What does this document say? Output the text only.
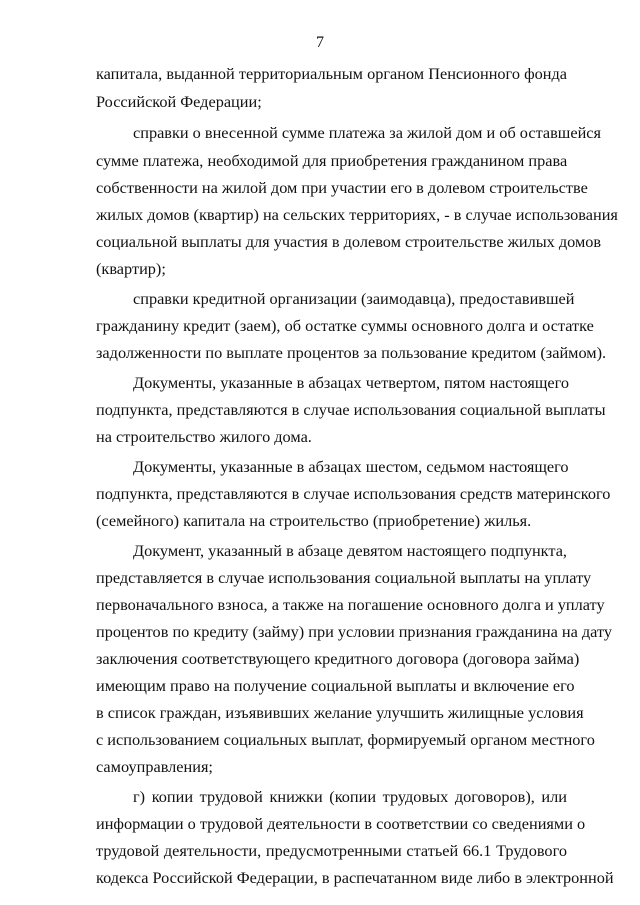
7
капитала, выданной территориальным органом Пенсионного фонда
Российской Федерации;
справки о внесенной сумме платежа за жилой дом и об оставшейся
сумме платежа, необходимой для приобретения гражданином права
собственности на жилой дом при участии его в долевом строительстве
жилых домов (квартир) на сельских территориях, - в случае использования
социальной выплаты для участия в долевом строительстве жилых домов
(квартир);
справки кредитной организации (заимодавца), предоставившей
гражданину кредит (заем), об остатке суммы основного долга и остатке
задолженности по выплате процентов за пользование кредитом (займом).
Документы, указанные в абзацах четвертом, пятом настоящего
подпункта, представляются в случае использования социальной выплаты
на строительство жилого дома.
Документы, указанные в абзацах шестом, седьмом настоящего
подпункта, представляются в случае использования средств материнского
(семейного) капитала на строительство (приобретение) жилья.
Документ, указанный в абзаце девятом настоящего подпункта,
представляется в случае использования социальной выплаты на уплату
первоначального взноса, а также на погашение основного долга и уплату
процентов по кредиту (займу) при условии признания гражданина на дату
заключения соответствующего кредитного договора (договора займа)
имеющим право на получение социальной выплаты и включение его
в список граждан, изъявивших желание улучшить жилищные условия
с использованием социальных выплат, формируемый органом местного
самоуправления;
г) копии трудовой книжки (копии трудовых договоров), или
информации о трудовой деятельности в соответствии со сведениями о
трудовой деятельности, предусмотренными статьей 66.1 Трудового
кодекса Российской Федерации, в распечатанном виде либо в электронной
